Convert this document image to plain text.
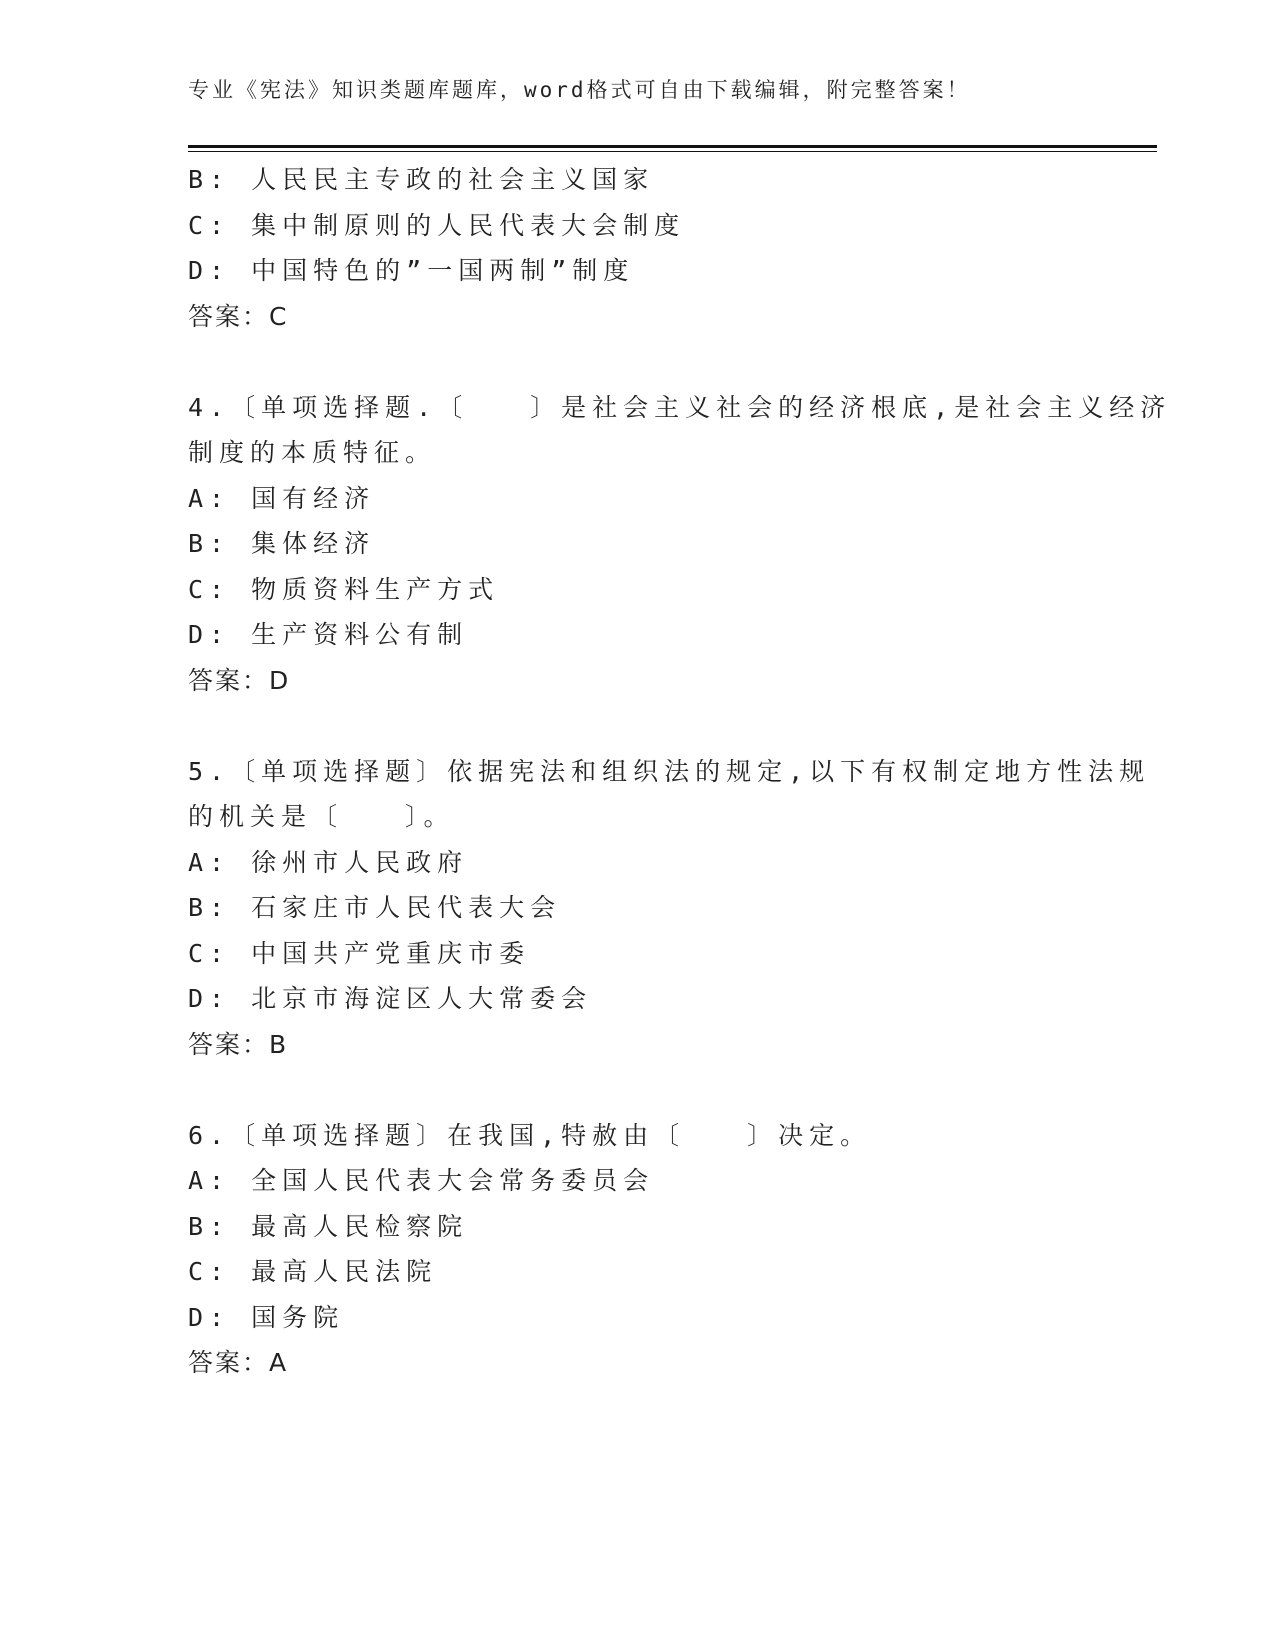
专业《宪法》知识类题库题库，word格式可自由下载编辑，附完整答案！
B: 人民民主专政的社会主义国家
C: 集中制原则的人民代表大会制度
D: 中国特色的”一国两制”制度
答案：C
4.〔单项选择题.〔　　〕是社会主义社会的经济根底,是社会主义经济
制度的本质特征。
A: 国有经济
B: 集体经济
C: 物质资料生产方式
D: 生产资料公有制
答案：D
5.〔单项选择题〕依据宪法和组织法的规定,以下有权制定地方性法规
的机关是〔　　〕。
A: 徐州市人民政府
B: 石家庄市人民代表大会
C: 中国共产党重庆市委
D: 北京市海淀区人大常委会
答案：B
6.〔单项选择题〕在我国,特赦由〔　　〕决定。
A: 全国人民代表大会常务委员会
B: 最高人民检察院
C: 最高人民法院
D: 国务院
答案：A
